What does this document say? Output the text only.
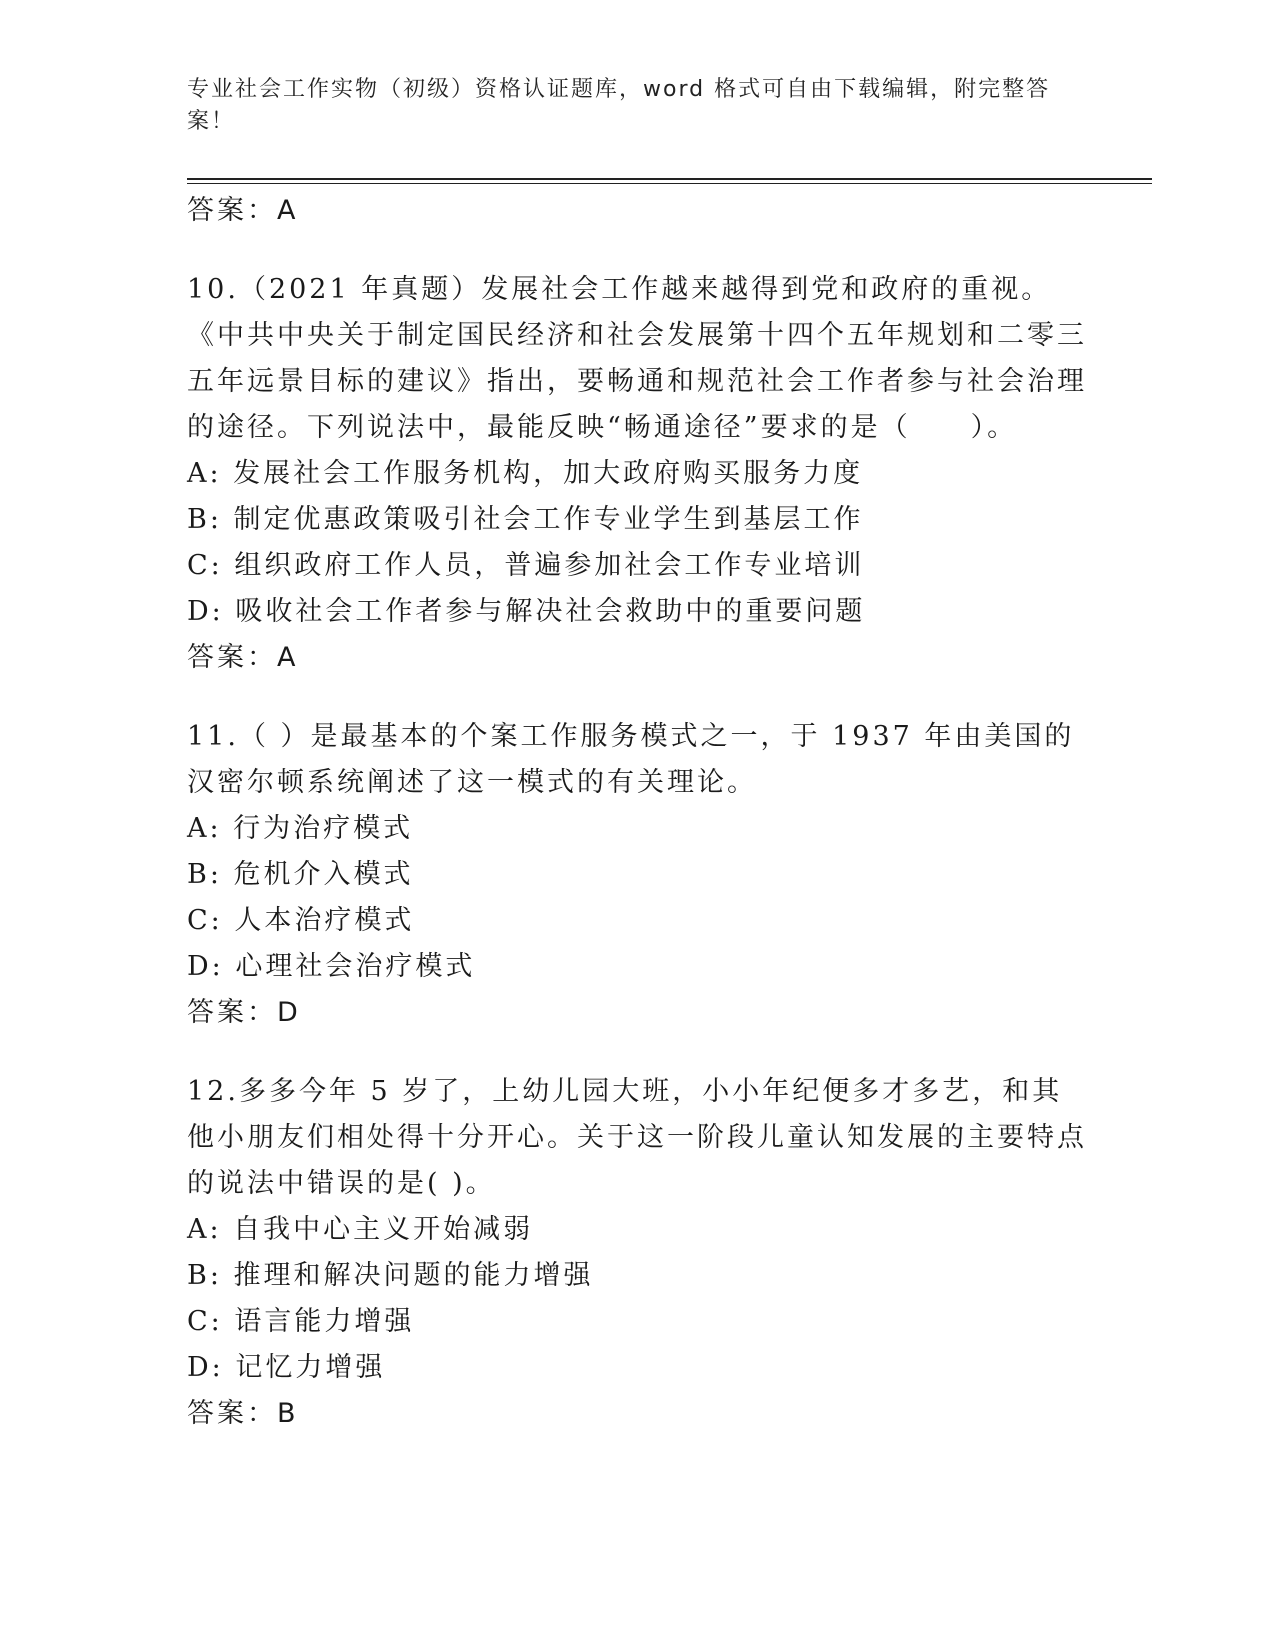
专业社会工作实物（初级）资格认证题库，word 格式可自由下载编辑，附完整答案！
答案：A
10.（2021 年真题）发展社会工作越来越得到党和政府的重视。《中共中央关于制定国民经济和社会发展第十四个五年规划和二零三五年远景目标的建议》指出，要畅通和规范社会工作者参与社会治理的途径。下列说法中，最能反映“畅通途径”要求的是（　　）。
A: 发展社会工作服务机构，加大政府购买服务力度
B: 制定优惠政策吸引社会工作专业学生到基层工作
C: 组织政府工作人员，普遍参加社会工作专业培训
D: 吸收社会工作者参与解决社会救助中的重要问题
答案：A
11.（ ）是最基本的个案工作服务模式之一，于 1937 年由美国的汉密尔顿系统阐述了这一模式的有关理论。
A: 行为治疗模式
B: 危机介入模式
C: 人本治疗模式
D: 心理社会治疗模式
答案：D
12.多多今年 5 岁了，上幼儿园大班，小小年纪便多才多艺，和其他小朋友们相处得十分开心。关于这一阶段儿童认知发展的主要特点的说法中错误的是( )。
A: 自我中心主义开始减弱
B: 推理和解决问题的能力增强
C: 语言能力增强
D: 记忆力增强
答案：B
